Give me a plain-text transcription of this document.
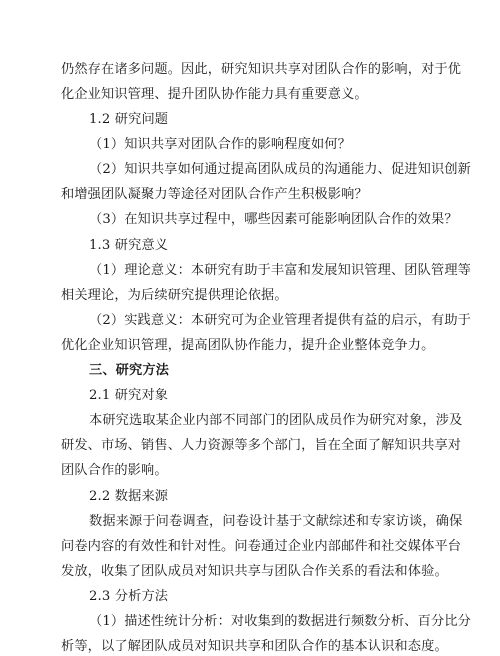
仍然存在诸多问题。因此，研究知识共享对团队合作的影响，对于优
化企业知识管理、提升团队协作能力具有重要意义。
1.2 研究问题
（1）知识共享对团队合作的影响程度如何？
（2）知识共享如何通过提高团队成员的沟通能力、促进知识创新
和增强团队凝聚力等途径对团队合作产生积极影响？
（3）在知识共享过程中，哪些因素可能影响团队合作的效果？
1.3 研究意义
（1）理论意义：本研究有助于丰富和发展知识管理、团队管理等
相关理论，为后续研究提供理论依据。
（2）实践意义：本研究可为企业管理者提供有益的启示，有助于
优化企业知识管理，提高团队协作能力，提升企业整体竞争力。
三、研究方法
2.1 研究对象
本研究选取某企业内部不同部门的团队成员作为研究对象，涉及
研发、市场、销售、人力资源等多个部门，旨在全面了解知识共享对
团队合作的影响。
2.2 数据来源
数据来源于问卷调查，问卷设计基于文献综述和专家访谈，确保
问卷内容的有效性和针对性。问卷通过企业内部邮件和社交媒体平台
发放，收集了团队成员对知识共享与团队合作关系的看法和体验。
2.3 分析方法
（1）描述性统计分析：对收集到的数据进行频数分析、百分比分
析等，以了解团队成员对知识共享和团队合作的基本认识和态度。
